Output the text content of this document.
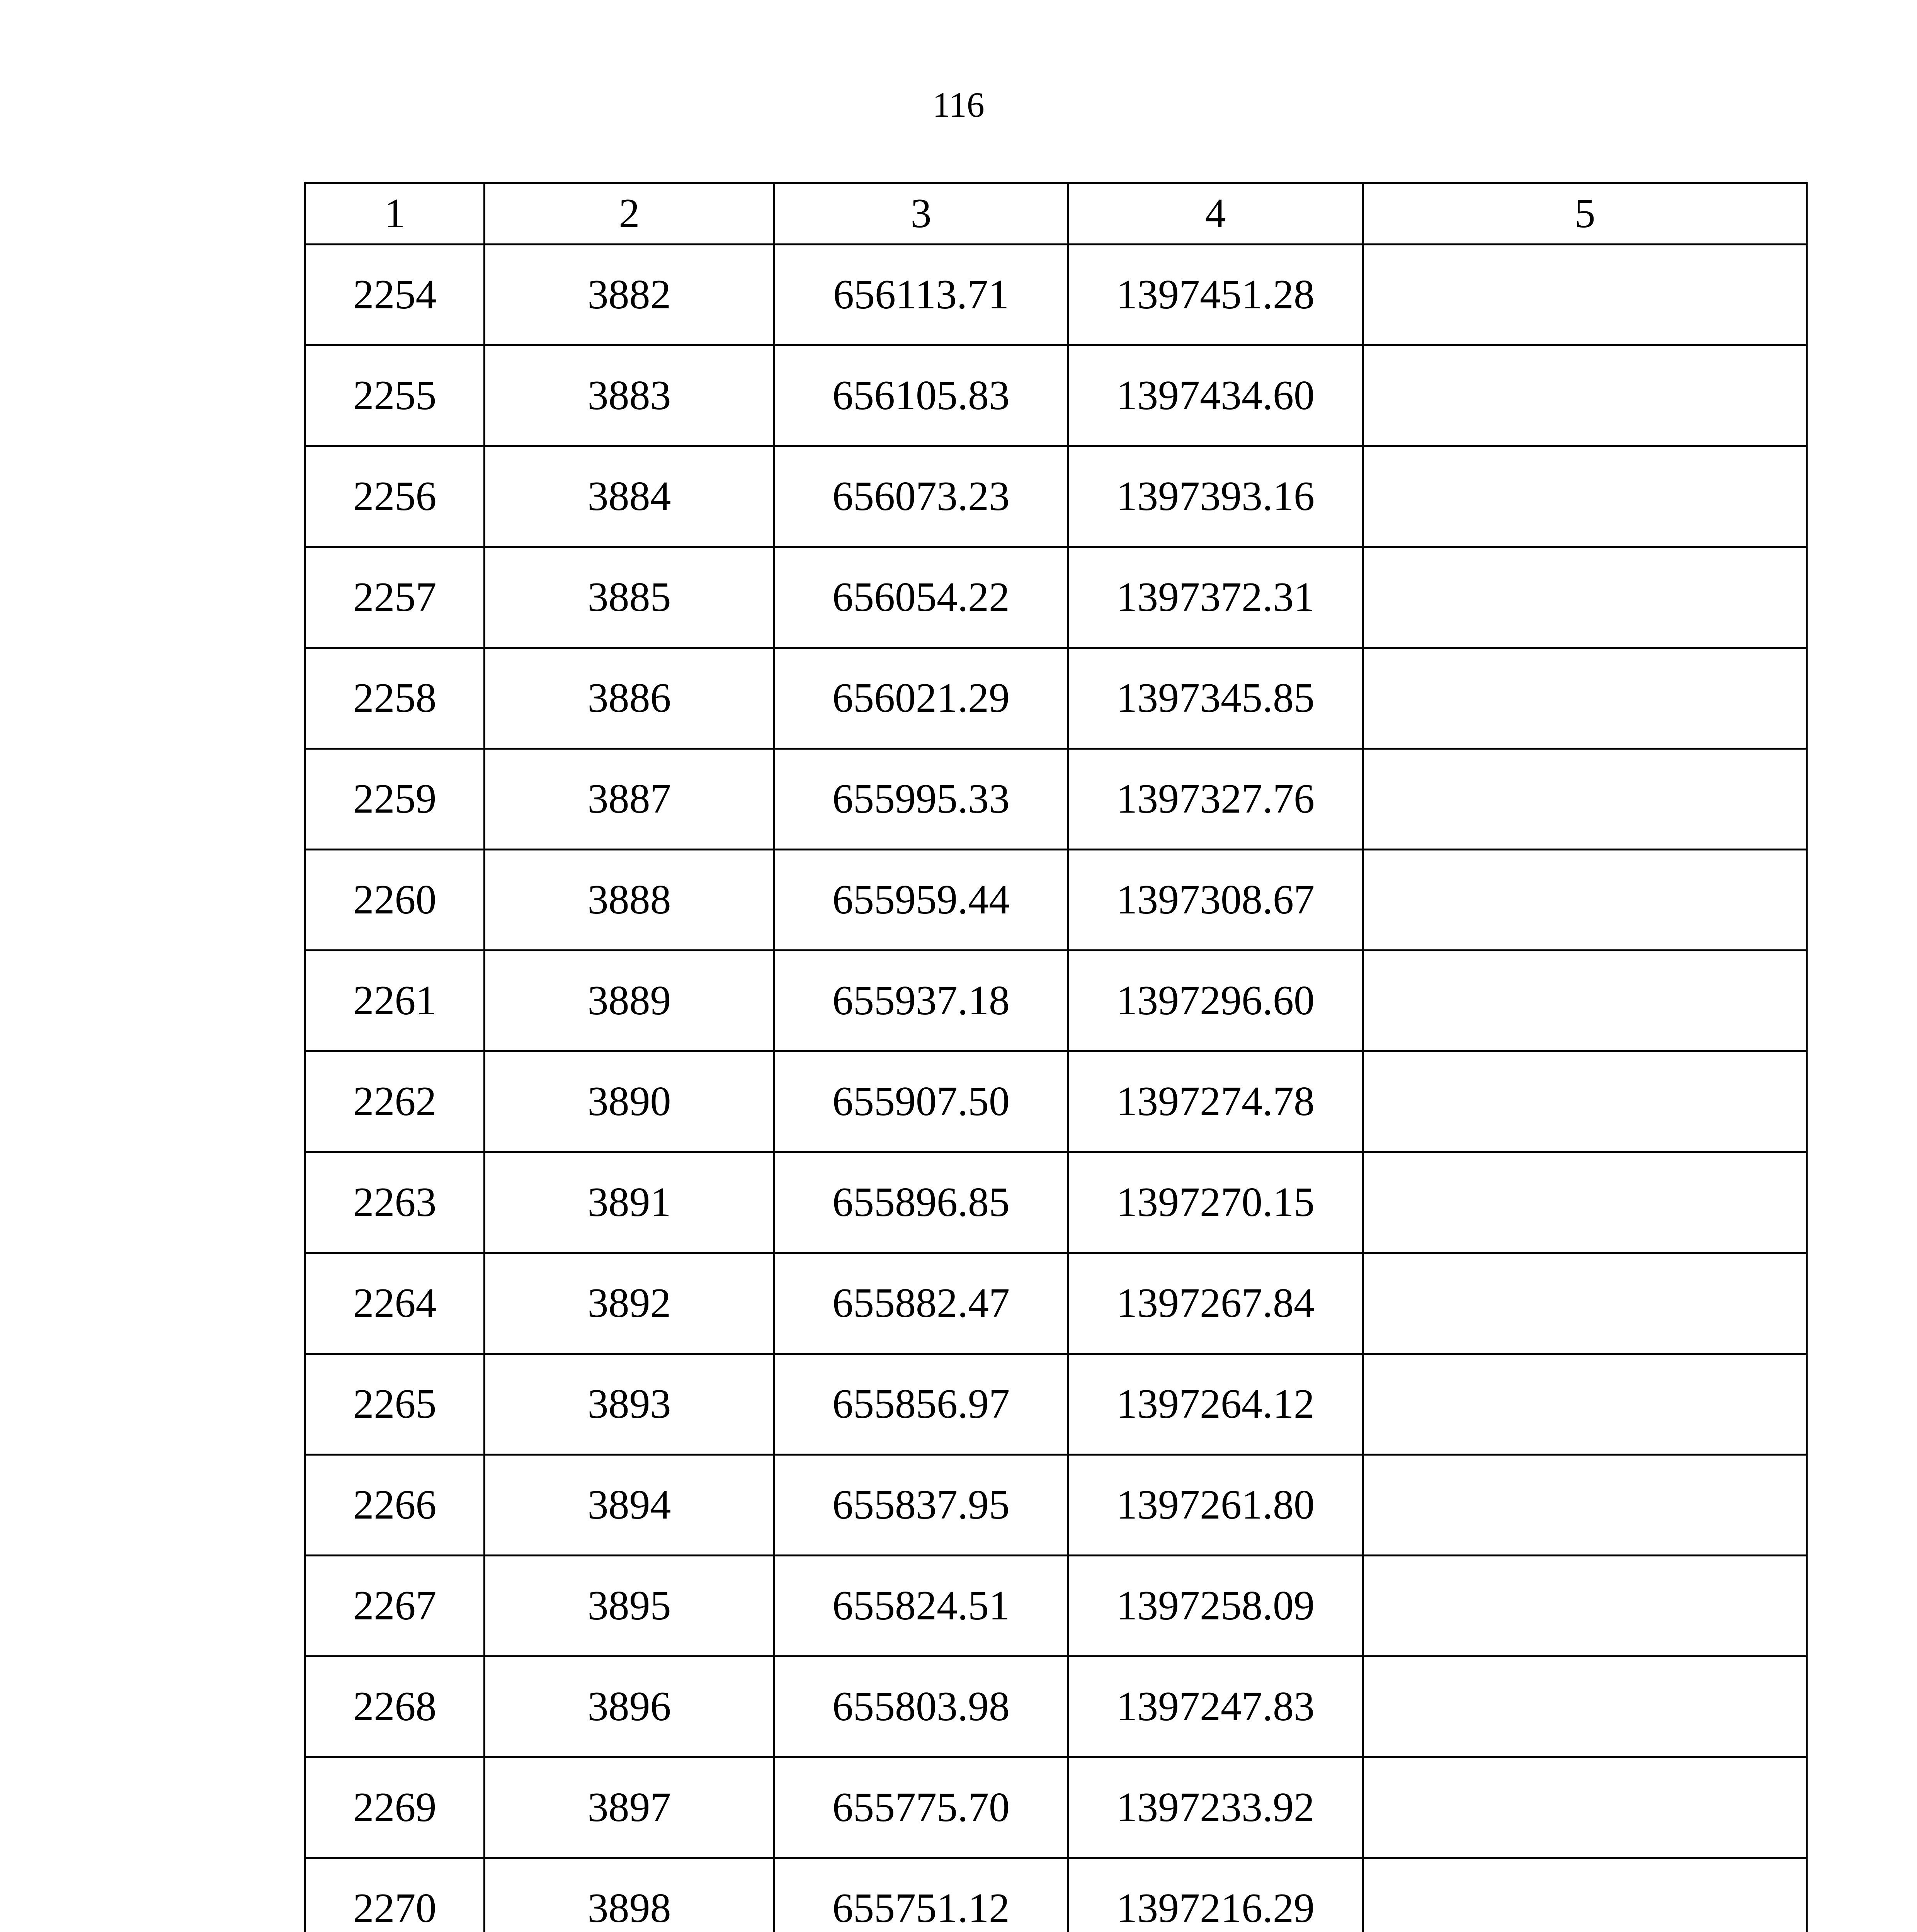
116
1	2	3	4	5
2254	3882	656113.71	1397451.28	
2255	3883	656105.83	1397434.60	
2256	3884	656073.23	1397393.16	
2257	3885	656054.22	1397372.31	
2258	3886	656021.29	1397345.85	
2259	3887	655995.33	1397327.76	
2260	3888	655959.44	1397308.67	
2261	3889	655937.18	1397296.60	
2262	3890	655907.50	1397274.78	
2263	3891	655896.85	1397270.15	
2264	3892	655882.47	1397267.84	
2265	3893	655856.97	1397264.12	
2266	3894	655837.95	1397261.80	
2267	3895	655824.51	1397258.09	
2268	3896	655803.98	1397247.83	
2269	3897	655775.70	1397233.92	
2270	3898	655751.12	1397216.29	
